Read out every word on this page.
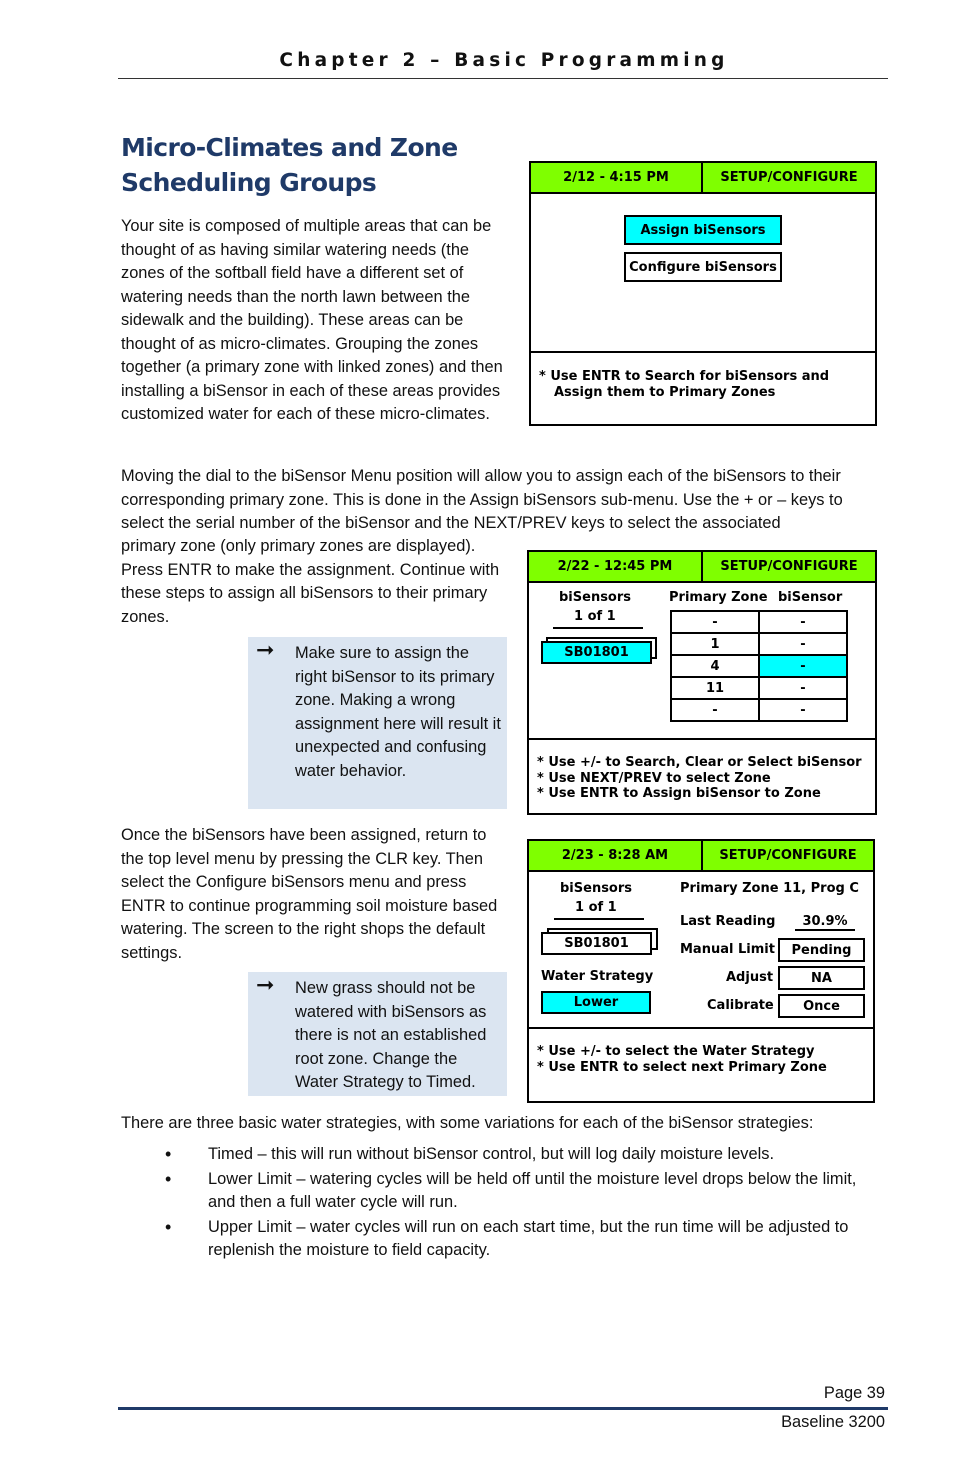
Chapter 2 – Basic Programming
Micro-Climates and Zone Scheduling Groups
Your site is composed of multiple areas that can be thought of as having similar watering needs (the zones of the softball field have a different set of watering needs than the north lawn between the sidewalk and the building). These areas can be thought of as micro-climates. Grouping the zones together (a primary zone with linked zones) and then installing a biSensor in each of these areas provides customized water for each of these micro-climates.
2/12 - 4:15 PM	SETUP/CONFIGURE
Assign biSensors
Configure biSensors
* Use ENTR to Search for biSensors and
Assign them to Primary Zones
Moving the dial to the biSensor Menu position will allow you to assign each of the biSensors to their corresponding primary zone. This is done in the Assign biSensors sub-menu. Use the + or – keys to select the serial number of the biSensor and the NEXT/PREV keys to select the associated
primary zone (only primary zones are displayed). Press ENTR to make the assignment. Continue with these steps to assign all biSensors to their primary zones.
2/22 - 12:45 PM	SETUP/CONFIGURE
biSensors
1 of 1
SB01801
Primary Zone biSensor
-	-
1	-
4	-
11	-
-	-
* Use +/- to Search, Clear or Select biSensor
* Use NEXT/PREV to select Zone
* Use ENTR to Assign biSensor to Zone
➞ Make sure to assign the right biSensor to its primary zone. Making a wrong assignment here will result it unexpected and confusing water behavior.
Once the biSensors have been assigned, return to the top level menu by pressing the CLR key. Then select the Configure biSensors menu and press ENTR to continue programming soil moisture based watering. The screen to the right shops the default settings.
2/23 - 8:28 AM	SETUP/CONFIGURE
biSensors
1 of 1
SB01801
Water Strategy
Lower
Primary Zone 11, Prog C
Last Reading	30.9%
Manual Limit	Pending
Adjust	NA
Calibrate	Once
* Use +/- to select the Water Strategy
* Use ENTR to select next Primary Zone
➞ New grass should not be watered with biSensors as there is not an established root zone. Change the Water Strategy to Timed.
There are three basic water strategies, with some variations for each of the biSensor strategies:
• Timed – this will run without biSensor control, but will log daily moisture levels.
• Lower Limit – watering cycles will be held off until the moisture level drops below the limit, and then a full water cycle will run.
• Upper Limit – water cycles will run on each start time, but the run time will be adjusted to replenish the moisture to field capacity.
Page 39
Baseline 3200
